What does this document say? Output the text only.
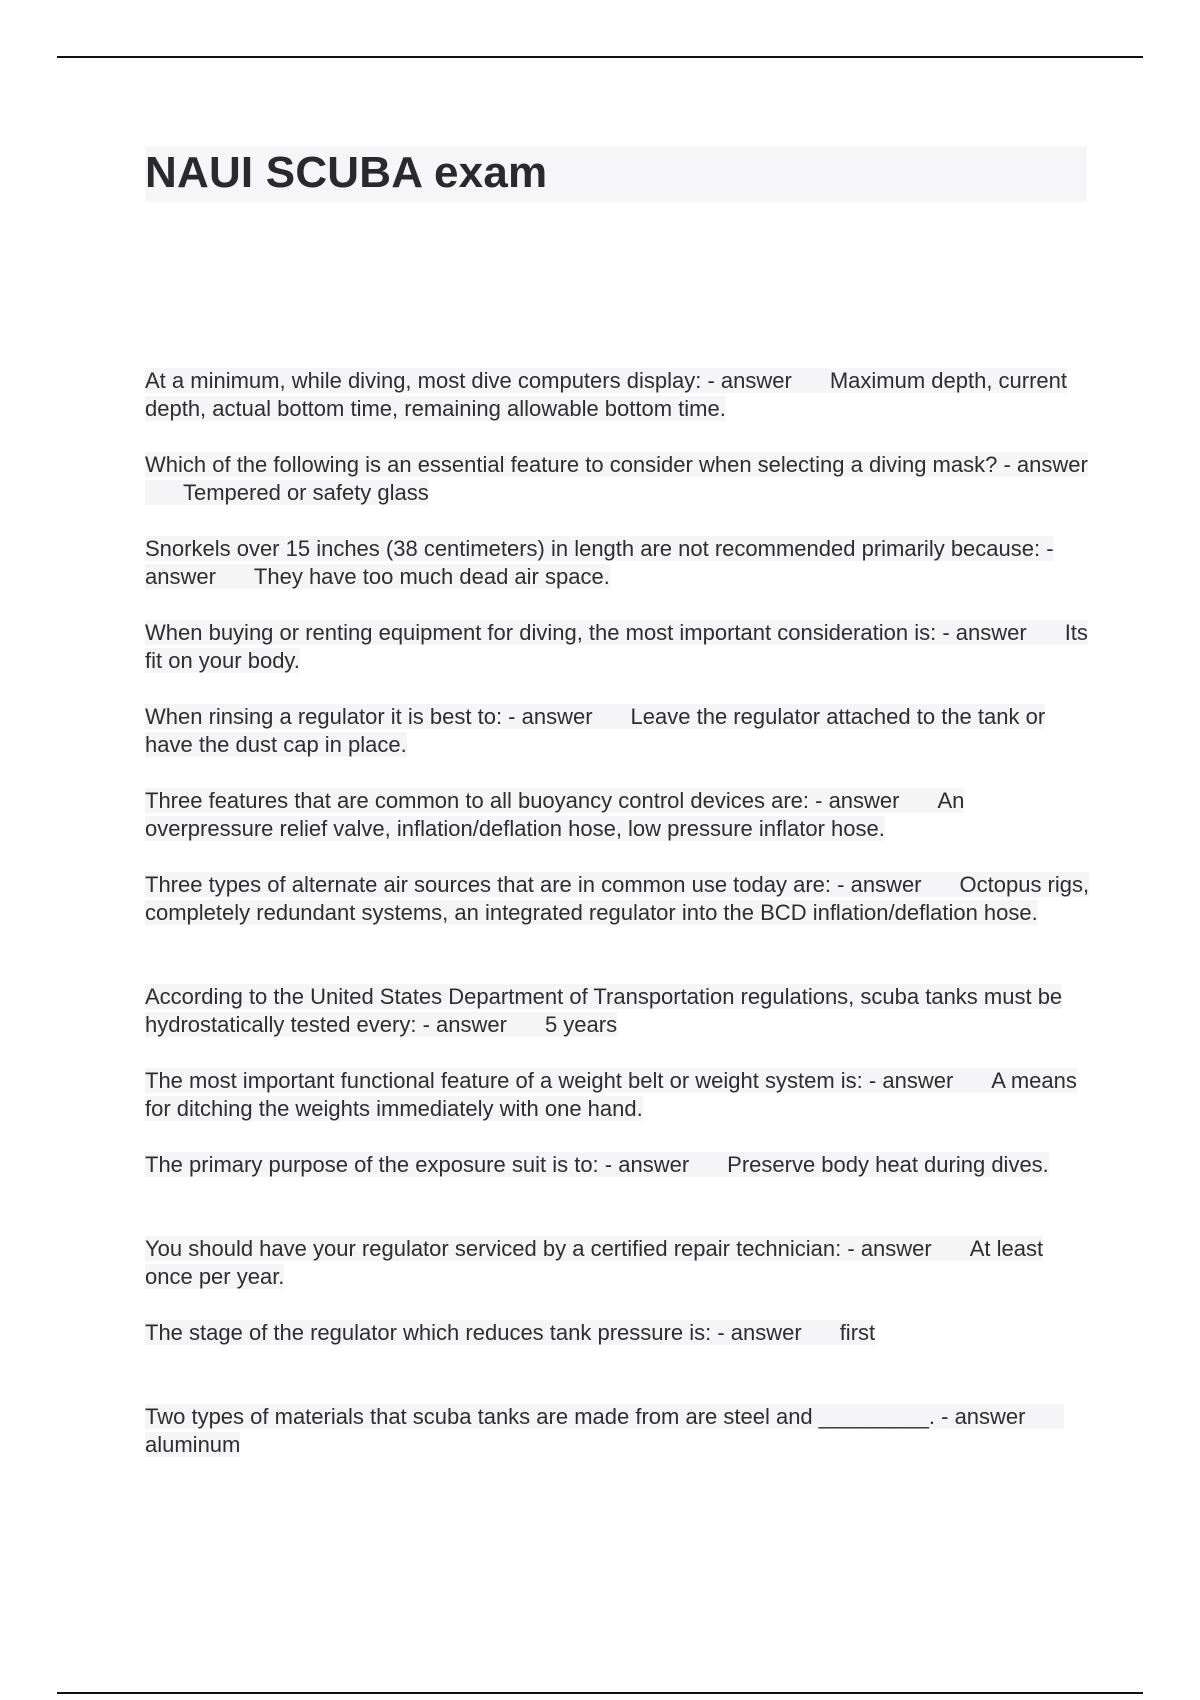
NAUI SCUBA exam

At a minimum, while diving, most dive computers display: - answer Maximum depth, current depth, actual bottom time, remaining allowable bottom time.

Which of the following is an essential feature to consider when selecting a diving mask? - answerTempered or safety glass

Snorkels over 15 inches (38 centimeters) in length are not recommended primarily because: - answer They have too much dead air space.

When buying or renting equipment for diving, the most important consideration is: - answer Its fit on your body.

When rinsing a regulator it is best to: - answer Leave the regulator attached to the tank or have the dust cap in place.

Three features that are common to all buoyancy control devices are: - answer An overpressure relief valve, inflation/deflation hose, low pressure inflator hose.

Three types of alternate air sources that are in common use today are: - answer Octopus rigs, completely redundant systems, an integrated regulator into the BCD inflation/deflation hose.

According to the United States Department of Transportation regulations, scuba tanks must be hydrostatically tested every: - answer 5 years

The most important functional feature of a weight belt or weight system is: - answer A means for ditching the weights immediately with one hand.

The primary purpose of the exposure suit is to: - answer Preserve body heat during dives.

You should have your regulator serviced by a certified repair technician: - answer At least once per year.

The stage of the regulator which reduces tank pressure is: - answer first

Two types of materials that scuba tanks are made from are steel and _________. - answeraluminum
